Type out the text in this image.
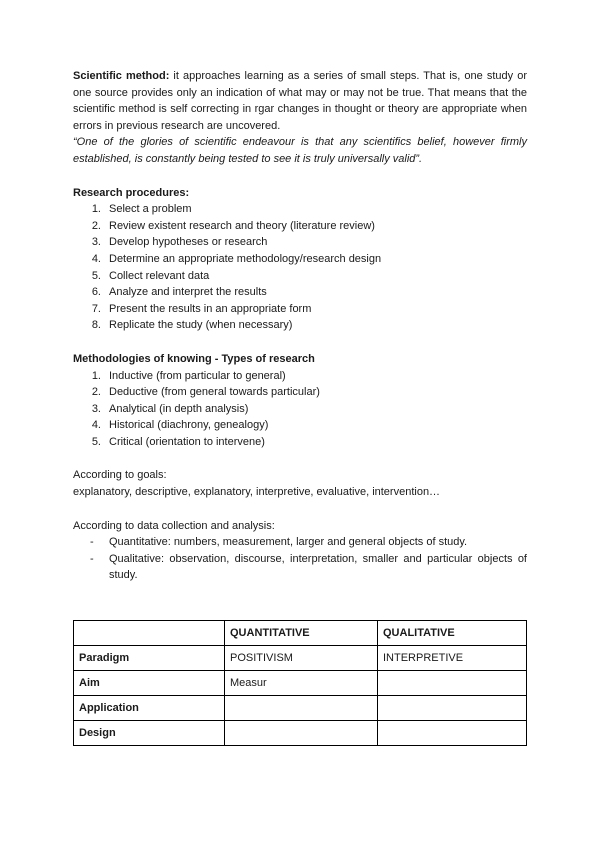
Scientific method: it approaches learning as a series of small steps. That is, one study or one source provides only an indication of what may or may not be true. That means that the scientific method is self correcting in rgar changes in thought or theory are appropriate when errors in previous research are uncovered.

“One of the glories of scientific endeavour is that any scientifics belief, however firmly established, is constantly being tested to see it is truly universally valid”.

Research procedures:

1. Select a problem
2. Review existent research and theory (literature review)
3. Develop hypotheses or research
4. Determine an appropriate methodology/research design
5. Collect relevant data
6. Analyze and interpret the results
7. Present the results in an appropriate form
8. Replicate the study (when necessary)

Methodologies of knowing - Types of research

1. Inductive (from particular to general)
2. Deductive (from general towards particular)
3. Analytical (in depth analysis)
4. Historical (diachrony, genealogy)
5. Critical (orientation to intervene)

According to goals:

explanatory, descriptive, explanatory, interpretive, evaluative, intervention…

According to data collection and analysis:

-	Quantitative: numbers, measurement, larger and general objects of study.
-	Qualitative: observation, discourse, interpretation, smaller and particular objects of study.
	QUANTITATIVE	QUALITATIVE
Paradigm	POSITIVISM	INTERPRETIVE
Aim	Measur	
Application		
Design		
